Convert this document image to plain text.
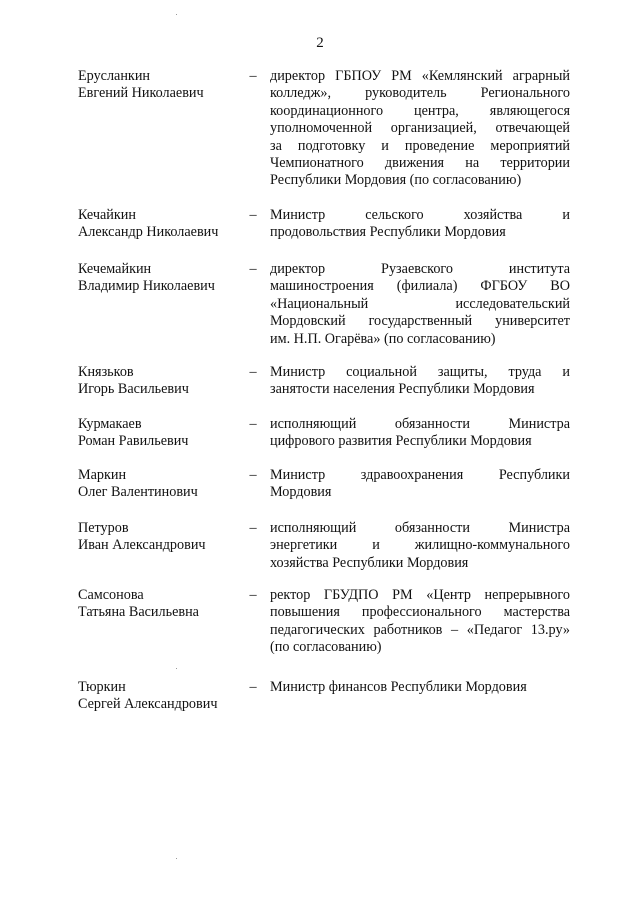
2
Ерусланкин
Евгений Николаевич
– директор ГБПОУ РМ «Кемлянский аграрный
колледж», руководитель Регионального
координационного центра, являющегося
уполномоченной организацией, отвечающей
за подготовку и проведение мероприятий
Чемпионатного движения на территории
Республики Мордовия (по согласованию)
Кечайкин
Александр Николаевич
– Министр сельского хозяйства и
продовольствия Республики Мордовия
Кечемайкин
Владимир Николаевич
– директор Рузаевского института
машиностроения (филиала) ФГБОУ ВО
«Национальный исследовательский
Мордовский государственный университет
им. Н.П. Огарёва» (по согласованию)
Князьков
Игорь Васильевич
– Министр социальной защиты, труда и
занятости населения Республики Мордовия
Курмакаев
Роман Равильевич
– исполняющий обязанности Министра
цифрового развития Республики Мордовия
Маркин
Олег Валентинович
– Министр здравоохранения Республики
Мордовия
Петуров
Иван Александрович
– исполняющий обязанности Министра
энергетики и жилищно-коммунального
хозяйства Республики Мордовия
Самсонова
Татьяна Васильевна
– ректор ГБУДПО РМ «Центр непрерывного
повышения профессионального мастерства
педагогических работников – «Педагог 13.ру»
(по согласованию)
Тюркин
Сергей Александрович
– Министр финансов Республики Мордовия
